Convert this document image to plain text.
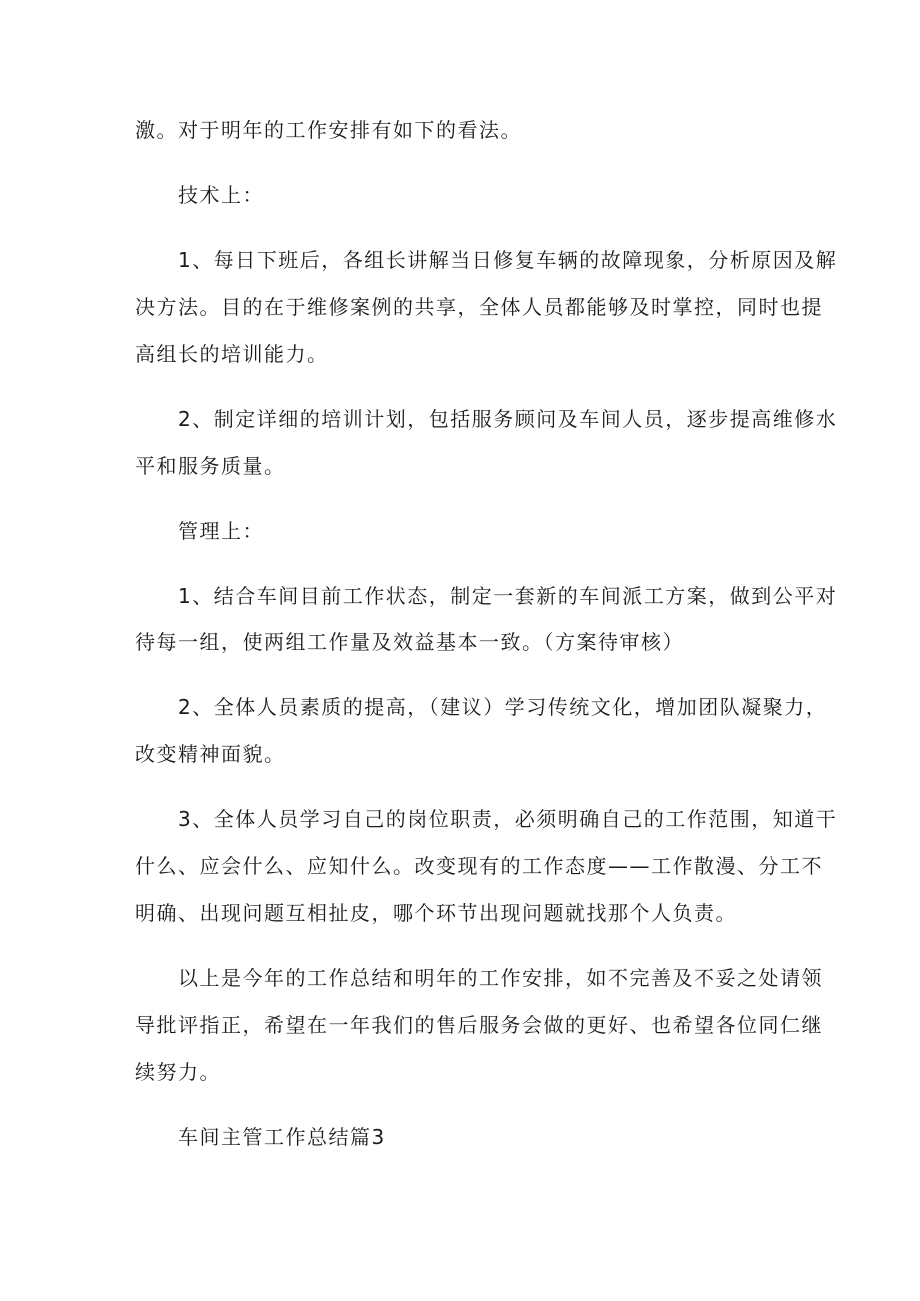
激。对于明年的工作安排有如下的看法。

技术上：

1、每日下班后，各组长讲解当日修复车辆的故障现象，分析原因及解

决方法。目的在于维修案例的共享，全体人员都能够及时掌控，同时也提

高组长的培训能力。

2、制定详细的培训计划，包括服务顾问及车间人员，逐步提高维修水

平和服务质量。

管理上：

1、结合车间目前工作状态，制定一套新的车间派工方案，做到公平对

待每一组，使两组工作量及效益基本一致。（方案待审核）

2、全体人员素质的提高，（建议）学习传统文化，增加团队凝聚力，

改变精神面貌。

3、全体人员学习自己的岗位职责，必须明确自己的工作范围，知道干

什么、应会什么、应知什么。改变现有的工作态度——工作散漫、分工不

明确、出现问题互相扯皮，哪个环节出现问题就找那个人负责。

以上是今年的工作总结和明年的工作安排，如不完善及不妥之处请领

导批评指正，希望在一年我们的售后服务会做的更好、也希望各位同仁继

续努力。

车间主管工作总结篇3
